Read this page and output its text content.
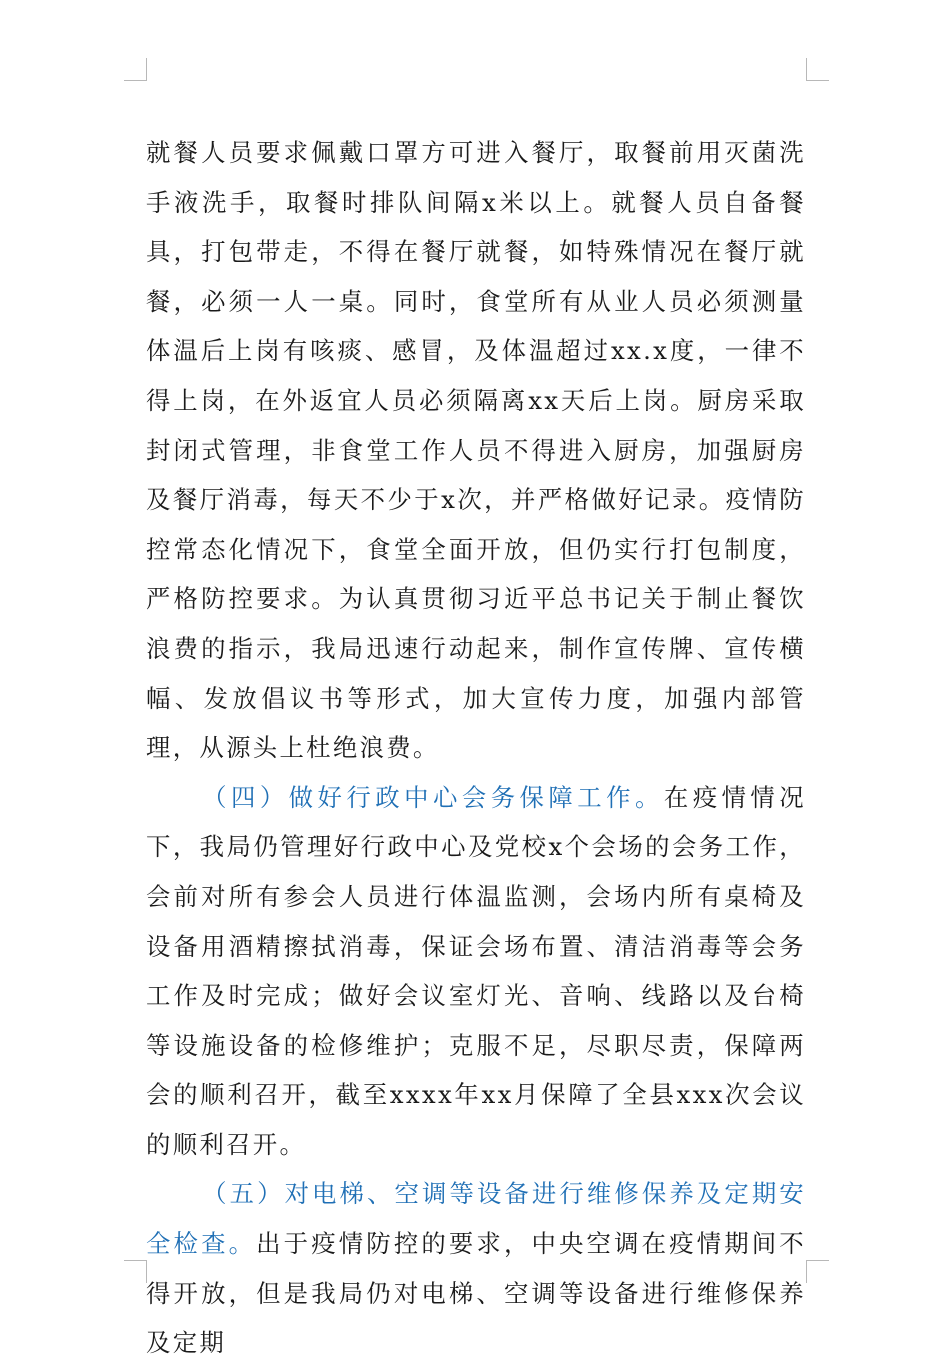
就餐人员要求佩戴口罩方可进入餐厅，取餐前用灭菌洗手液洗手，取餐时排队间隔x米以上。就餐人员自备餐具，打包带走，不得在餐厅就餐，如特殊情况在餐厅就餐，必须一人一桌。同时，食堂所有从业人员必须测量体温后上岗有咳痰、感冒，及体温超过xx.x度，一律不得上岗，在外返宜人员必须隔离xx天后上岗。厨房采取封闭式管理，非食堂工作人员不得进入厨房，加强厨房及餐厅消毒，每天不少于x次，并严格做好记录。疫情防控常态化情况下，食堂全面开放，但仍实行打包制度，严格防控要求。为认真贯彻习近平总书记关于制止餐饮浪费的指示，我局迅速行动起来，制作宣传牌、宣传横幅、发放倡议书等形式，加大宣传力度，加强内部管理，从源头上杜绝浪费。

（四）做好行政中心会务保障工作。在疫情情况下，我局仍管理好行政中心及党校x个会场的会务工作，会前对所有参会人员进行体温监测，会场内所有桌椅及设备用酒精擦拭消毒，保证会场布置、清洁消毒等会务工作及时完成；做好会议室灯光、音响、线路以及台椅等设施设备的检修维护；克服不足，尽职尽责，保障两会的顺利召开，截至xxxx年xx月保障了全县xxx次会议的顺利召开。

（五）对电梯、空调等设备进行维修保养及定期安全检查。出于疫情防控的要求，中央空调在疫情期间不得开放，但是我局仍对电梯、空调等设备进行维修保养及定期
